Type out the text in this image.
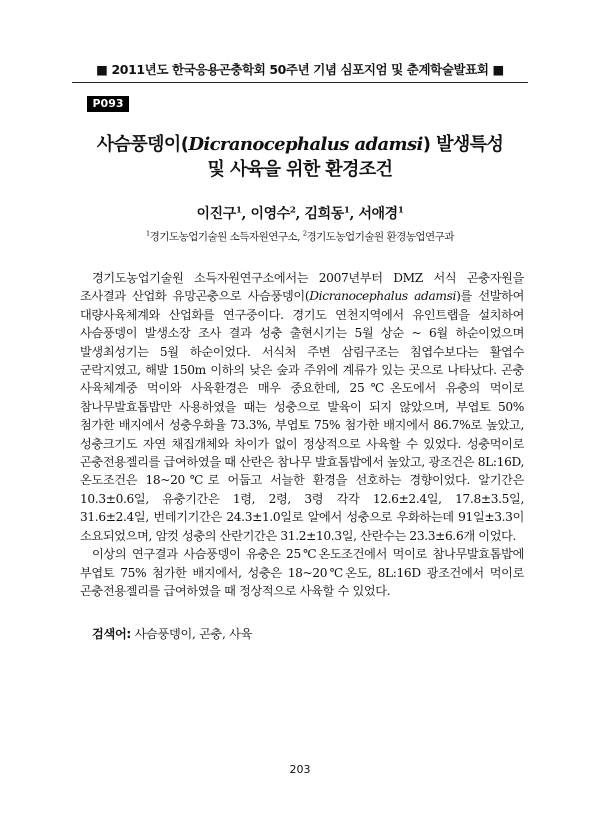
■ 2011년도 한국응용곤충학회 50주년 기념 심포지엄 및 춘계학술발표회 ■
P093
사슴풍뎅이(Dicranocephalus adamsi) 발생특성
및 사육을 위한 환경조건
이진구$^1$, 이영수$^2$, 김희동$^1$, 서애경$^1$
$^1$경기도농업기술원 소득자원연구소, $^2$경기도농업기술원 환경농업연구과

경기도농업기술원 소득자원연구소에서는 2007년부터 DMZ 서식 곤충자원을 조사결과 산업화 유망곤충으로 사슴풍뎅이(Dicranocephalus adamsi)를 선발하여 대량사육체계와 산업화를 연구중이다. 경기도 연천지역에서 유인트랩을 설치하여 사슴풍뎅이 발생소장 조사 결과 성충 출현시기는 5월 상순 ~ 6월 하순이었으며 발생최성기는 5월 하순이었다. 서식처 주변 삼림구조는 침엽수보다는 활엽수 군락지였고, 해발 150m 이하의 낮은 숲과 주위에 계류가 있는 곳으로 나타났다. 곤충 사육체계중 먹이와 사육환경은 매우 중요한데, 25℃온도에서 유충의 먹이로 참나무발효톱밥만 사용하였을 때는 성충으로 발육이 되지 않았으며, 부엽토 50% 첨가한 배지에서 성충우화율 73.3%, 부엽토 75% 첨가한 배지에서 86.7%로 높았고, 성충크기도 자연 채집개체와 차이가 없이 정상적으로 사육할 수 있었다. 성충먹이로 곤충전용젤리를 급여하였을 때 산란은 참나무 발효톱밥에서 높았고, 광조건은 8L:16D, 온도조건은 18~20℃로 어둡고 서늘한 환경을 선호하는 경향이었다. 알기간은 10.3±0.6일, 유충기간은 1령, 2령, 3령 각각 12.6±2.4일, 17.8±3.5일, 31.6±2.4일, 번데기기간은 24.3±1.0일로 알에서 성충으로 우화하는데 91일±3.3이 소요되었으며, 암컷 성충의 산란기간은 31.2±10.3일, 산란수는 23.3±6.6개 이었다.

이상의 연구결과 사슴풍뎅이 유충은 25℃온도조건에서 먹이로 참나무발효톱밥에 부엽토 75% 첨가한 배지에서, 성충은 18~20℃온도, 8L:16D 광조건에서 먹이로 곤충전용젤리를 급여하였을 때 정상적으로 사육할 수 있었다.

검색어: 사슴풍뎅이, 곤충, 사육
203
